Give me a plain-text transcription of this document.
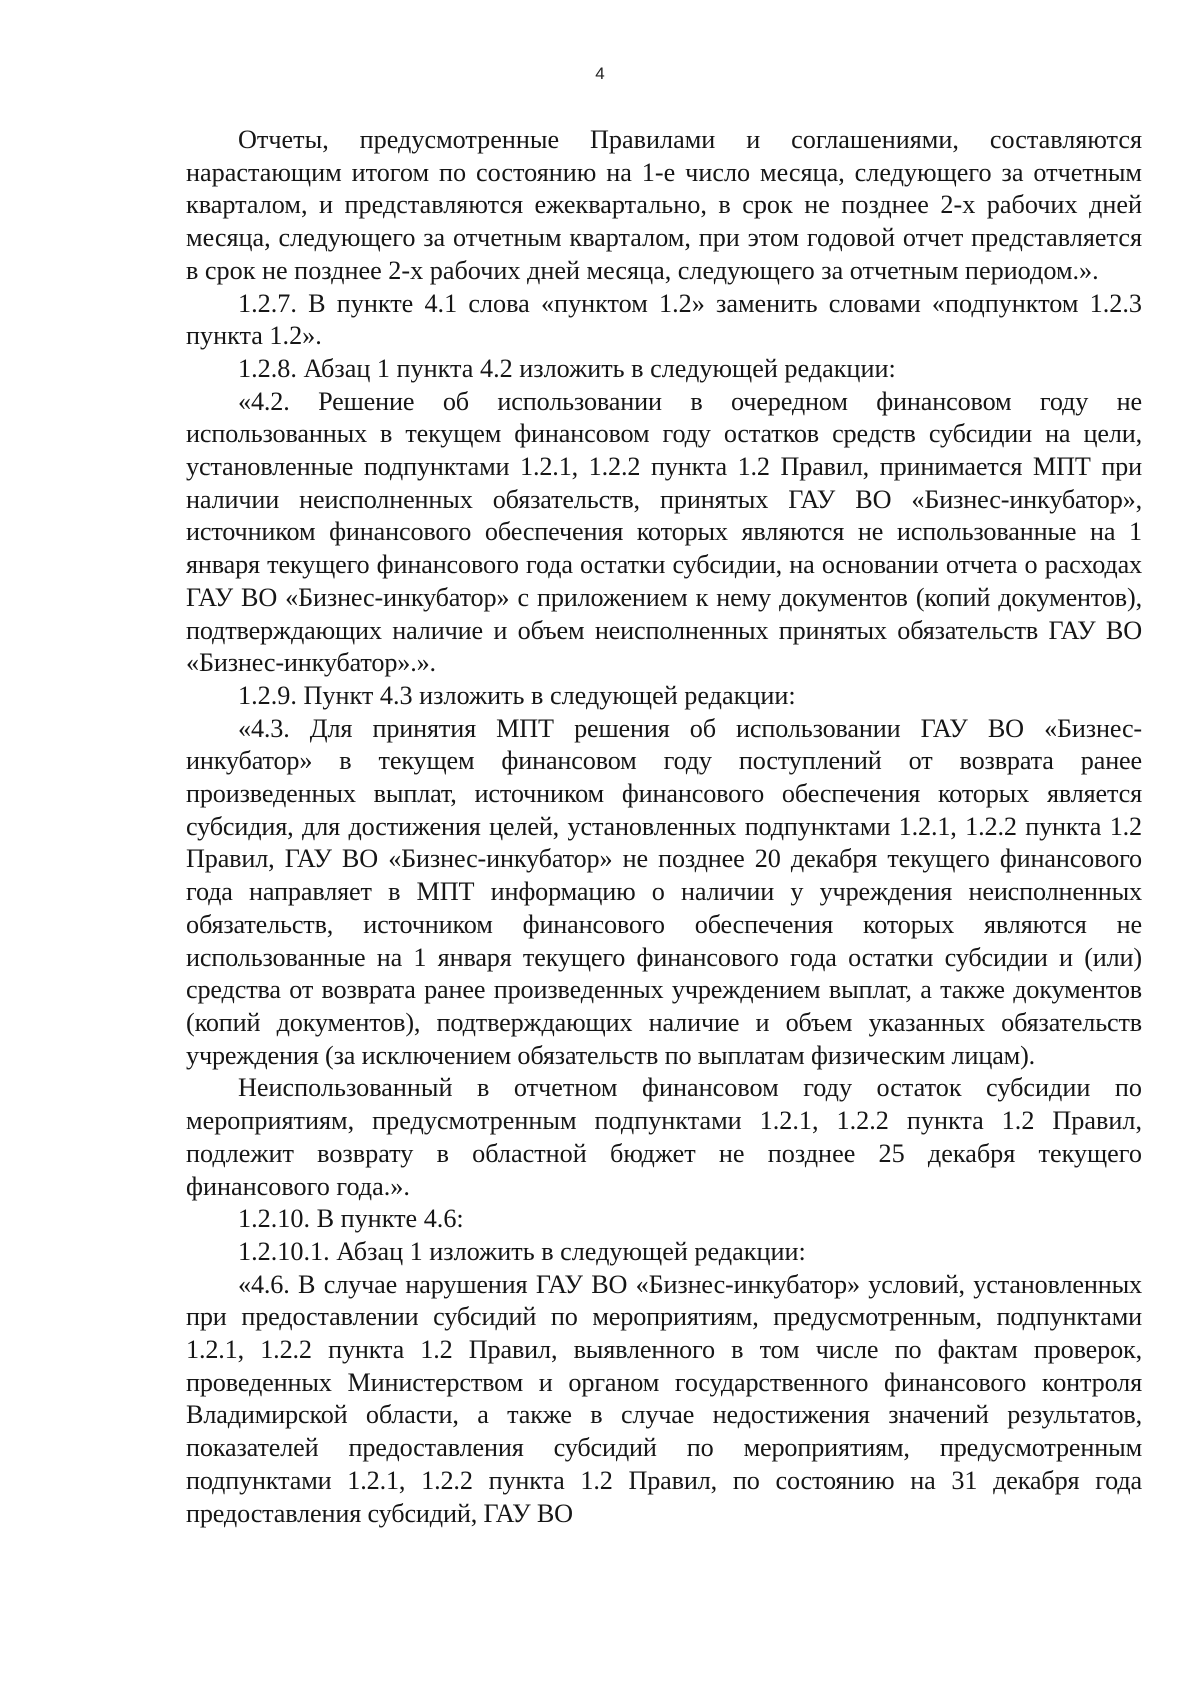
4

Отчеты, предусмотренные Правилами и соглашениями, составляются нарастающим итогом по состоянию на 1-е число месяца, следующего за отчетным кварталом, и представляются ежеквартально, в срок не позднее 2-х рабочих дней месяца, следующего за отчетным кварталом, при этом годовой отчет представляется в срок не позднее 2-х рабочих дней месяца, следующего за отчетным периодом.».

1.2.7. В пункте 4.1 слова «пунктом 1.2» заменить словами «подпунктом 1.2.3 пункта 1.2».

1.2.8. Абзац 1 пункта 4.2 изложить в следующей редакции:

«4.2. Решение об использовании в очередном финансовом году не использованных в текущем финансовом году остатков средств субсидии на цели, установленные подпунктами 1.2.1, 1.2.2 пункта 1.2 Правил, принимается МПТ при наличии неисполненных обязательств, принятых ГАУ ВО «Бизнес-инкубатор», источником финансового обеспечения которых являются не использованные на 1 января текущего финансового года остатки субсидии, на основании отчета о расходах ГАУ ВО «Бизнес-инкубатор» с приложением к нему документов (копий документов), подтверждающих наличие и объем неисполненных принятых обязательств ГАУ ВО «Бизнес-инкубатор».».

1.2.9. Пункт 4.3 изложить в следующей редакции:

«4.3. Для принятия МПТ решения об использовании ГАУ ВО «Бизнес-инкубатор» в текущем финансовом году поступлений от возврата ранее произведенных выплат, источником финансового обеспечения которых является субсидия, для достижения целей, установленных подпунктами 1.2.1, 1.2.2 пункта 1.2 Правил, ГАУ ВО «Бизнес-инкубатор» не позднее 20 декабря текущего финансового года направляет в МПТ информацию о наличии у учреждения неисполненных обязательств, источником финансового обеспечения которых являются не использованные на 1 января текущего финансового года остатки субсидии и (или) средства от возврата ранее произведенных учреждением выплат, а также документов (копий документов), подтверждающих наличие и объем указанных обязательств учреждения (за исключением обязательств по выплатам физическим лицам).

Неиспользованный в отчетном финансовом году остаток субсидии по мероприятиям, предусмотренным подпунктами 1.2.1, 1.2.2 пункта 1.2 Правил, подлежит возврату в областной бюджет не позднее 25 декабря текущего финансового года.».

1.2.10. В пункте 4.6:

1.2.10.1. Абзац 1 изложить в следующей редакции:

«4.6. В случае нарушения ГАУ ВО «Бизнес-инкубатор» условий, установленных при предоставлении субсидий по мероприятиям, предусмотренным, подпунктами 1.2.1, 1.2.2 пункта 1.2 Правил, выявленного в том числе по фактам проверок, проведенных Министерством и органом государственного финансового контроля Владимирской области, а также в случае недостижения значений результатов, показателей предоставления субсидий по мероприятиям, предусмотренным подпунктами 1.2.1, 1.2.2 пункта 1.2 Правил, по состоянию на 31 декабря года предоставления субсидий, ГАУ ВО
